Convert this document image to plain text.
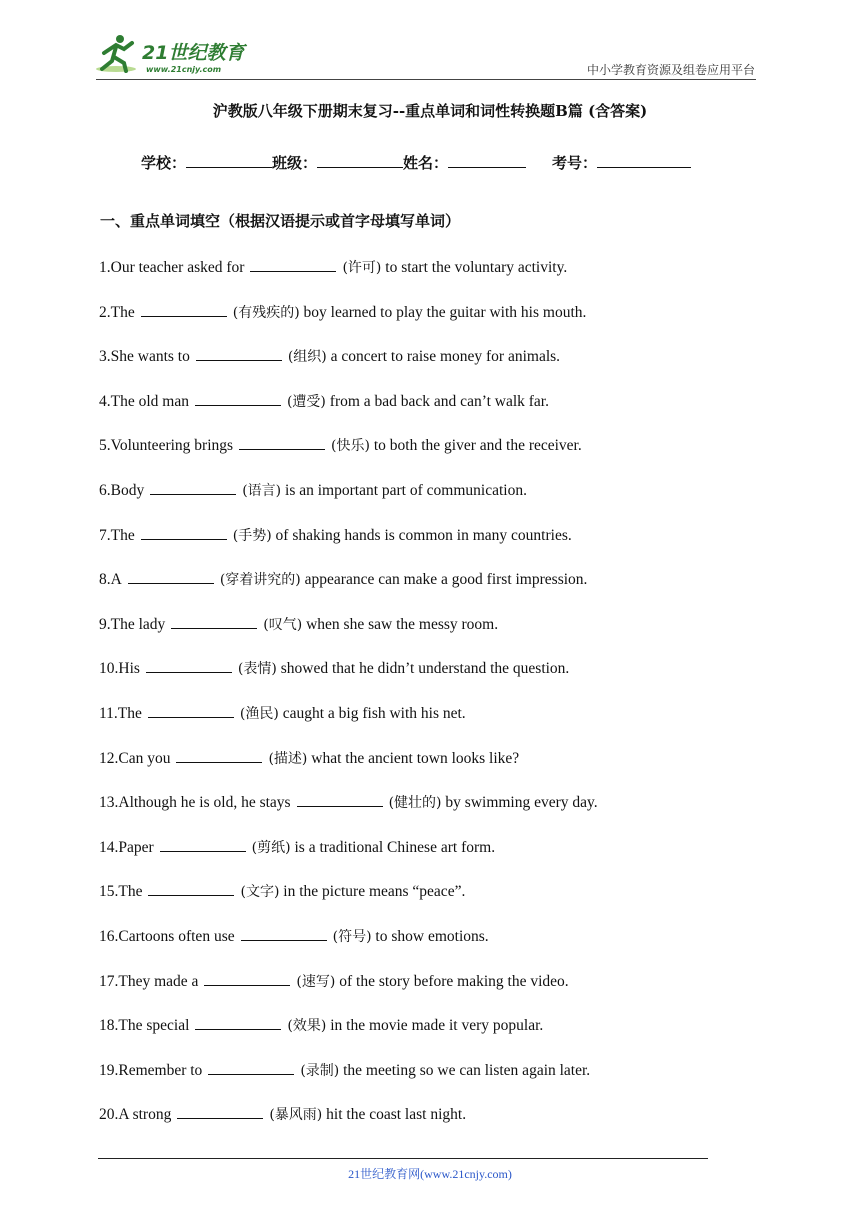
21世纪教育
www.21cnjy.com	中小学教育资源及组卷应用平台
沪教版八年级下册期末复习--重点单词和词性转换题B篇 (含答案)
学校：	班级：	姓名：	考号：
一、重点单词填空（根据汉语提示或首字母填写单词）
1.Our teacher asked for	(许可) to start the voluntary activity.
2.The	(有残疾的) boy learned to play the guitar with his mouth.
3.She wants to	(组织) a concert to raise money for animals.
4.The old man	(遭受) from a bad back and can’t walk far.
5.Volunteering brings	(快乐) to both the giver and the receiver.
6.Body	(语言) is an important part of communication.
7.The	(手势) of shaking hands is common in many countries.
8.A	(穿着讲究的) appearance can make a good first impression.
9.The lady	(叹气) when she saw the messy room.
10.His	(表情) showed that he didn’t understand the question.
11.The	(渔民) caught a big fish with his net.
12.Can you	(描述) what the ancient town looks like?
13.Although he is old, he stays	(健壮的) by swimming every day.
14.Paper	(剪纸) is a traditional Chinese art form.
15.The	(文字) in the picture means “peace”.
16.Cartoons often use	(符号) to show emotions.
17.They made a	(速写) of the story before making the video.
18.The special	(效果) in the movie made it very popular.
19.Remember to	(录制) the meeting so we can listen again later.
20.A strong	(暴风雨) hit the coast last night.
21世纪教育网(www.21cnjy.com)
